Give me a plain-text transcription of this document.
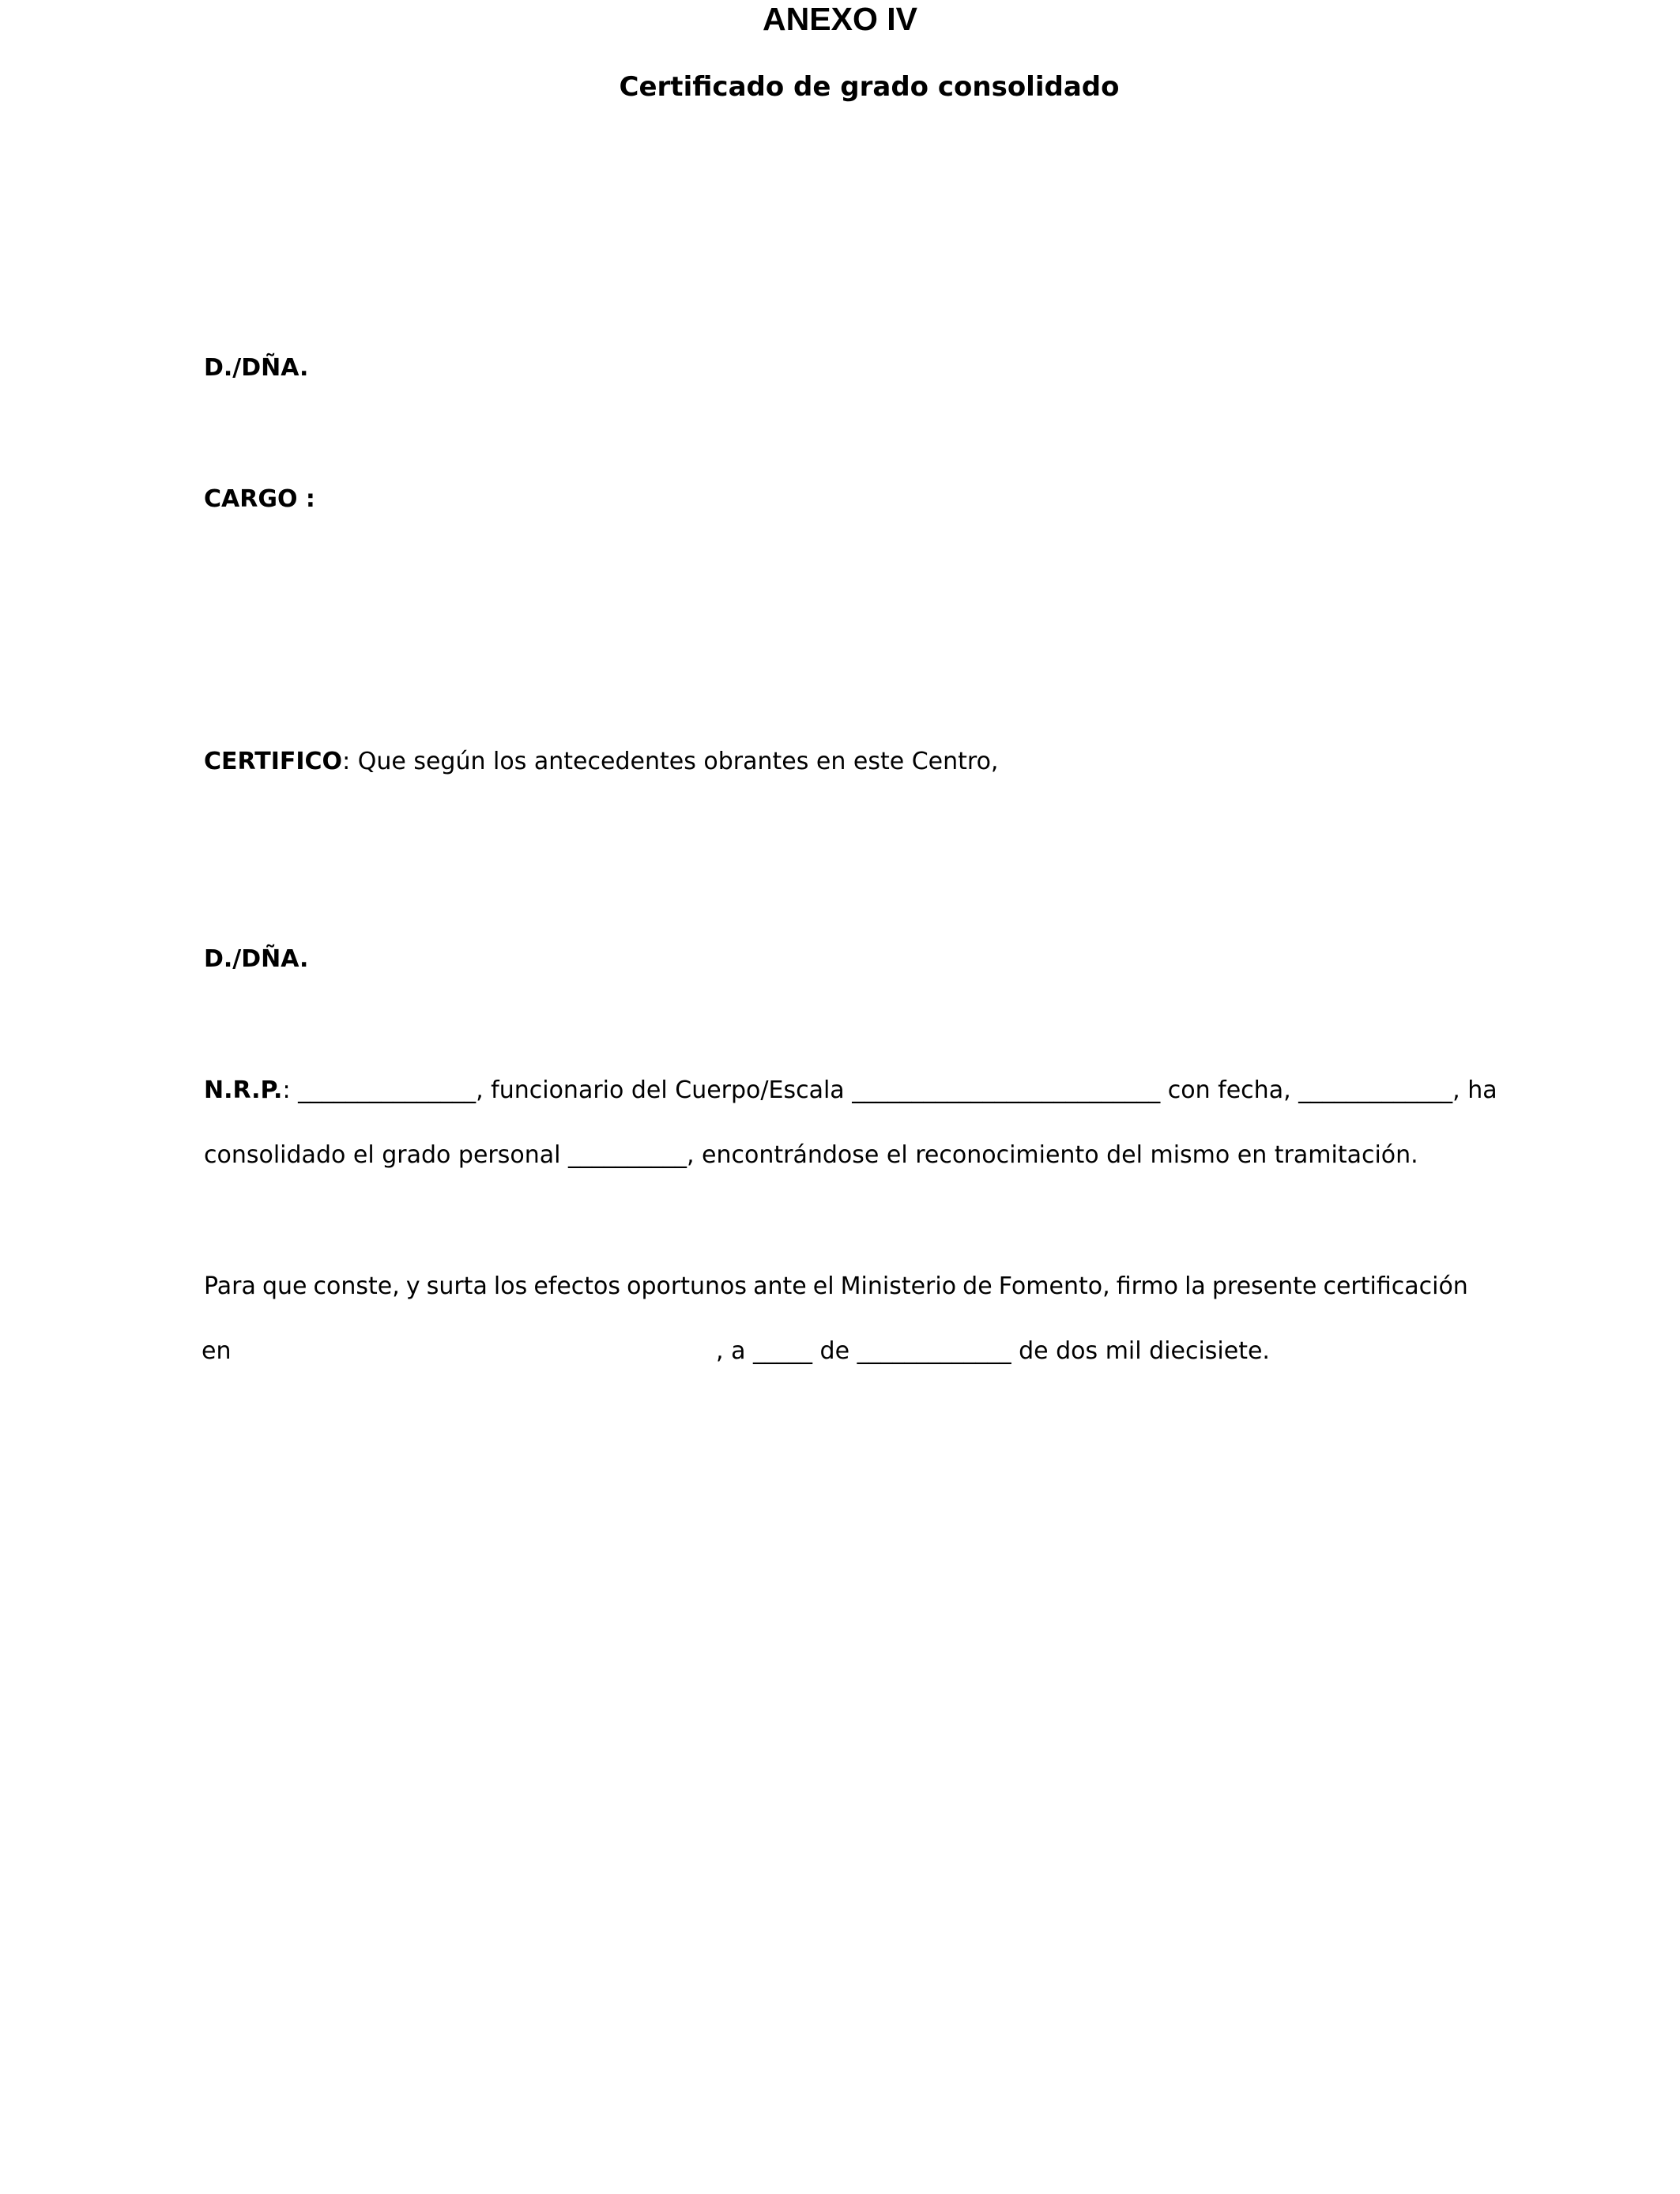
ANEXO IV
Certificado de grado consolidado
D./DÑA.
CARGO :
CERTIFICO: Que según los antecedentes obrantes en este Centro,
D./DÑA.
N.R.P.: _______________, funcionario del Cuerpo/Escala __________________________ con fecha, _____________, ha
consolidado el grado personal __________, encontrándose el reconocimiento del mismo en tramitación.
Para que conste, y surta los efectos oportunos ante el Ministerio de Fomento, firmo la presente certificación
en	, a _____ de _____________ de dos mil diecisiete.
